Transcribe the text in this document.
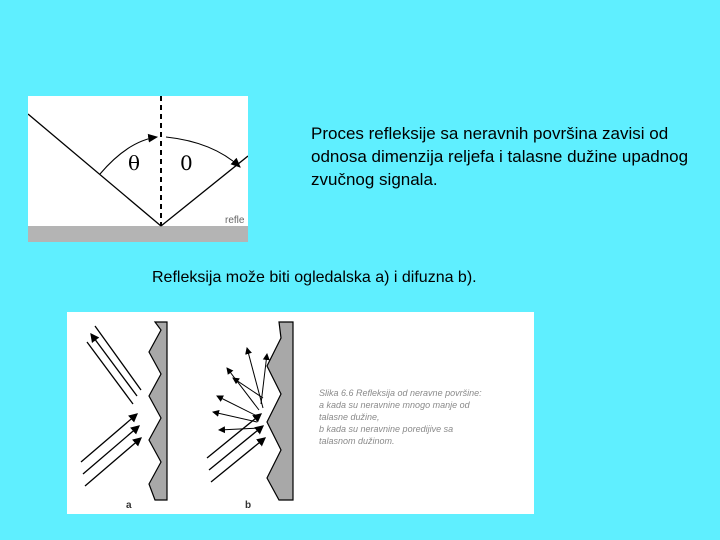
θ 0
refle

Proces refleksije sa neravnih površina zavisi od odnosa dimenzija reljefa i talasne dužine upadnog zvučnog signala.

Refleksija može biti ogledalska a) i difuzna b).

a	b
Slika 6.6 Refleksija od neravne površine:
a kada su neravnine mnogo manje od
talasne dužine,
b kada su neravnine porediјive sa
talasnom dužinom.
